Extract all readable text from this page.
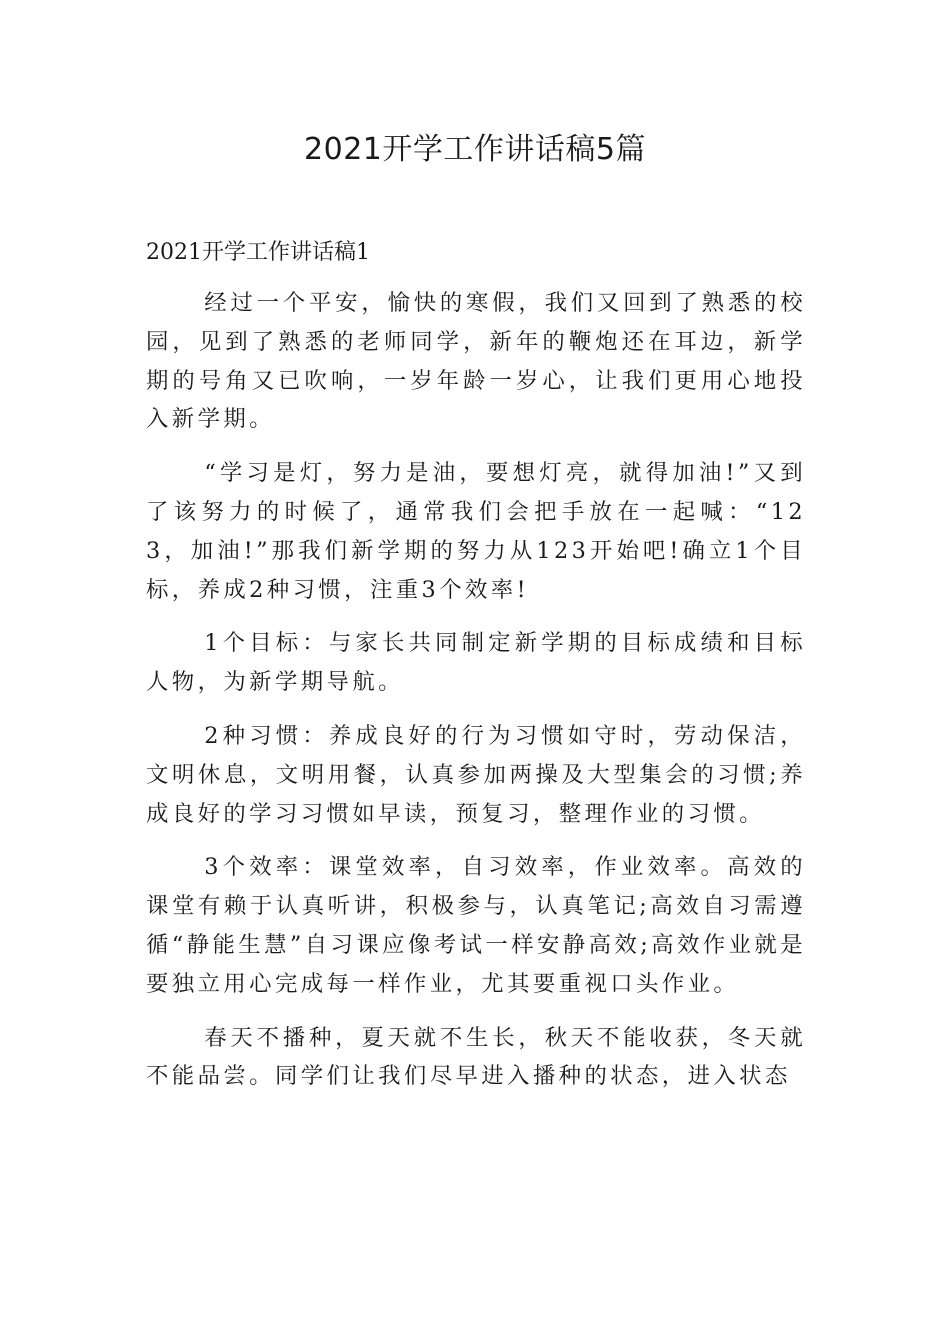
2021开学工作讲话稿5篇
2021开学工作讲话稿1

经过一个平安，愉快的寒假，我们又回到了熟悉的校园，见到了熟悉的老师同学，新年的鞭炮还在耳边，新学期的号角又已吹响，一岁年龄一岁心，让我们更用心地投入新学期。

“学习是灯，努力是油，要想灯亮，就得加油!”又到了该努力的时候了，通常我们会把手放在一起喊：“123，加油!”那我们新学期的努力从123开始吧!确立1个目标，养成2种习惯，注重3个效率!

1个目标：与家长共同制定新学期的目标成绩和目标人物，为新学期导航。

2种习惯：养成良好的行为习惯如守时，劳动保洁，文明休息，文明用餐，认真参加两操及大型集会的习惯;养成良好的学习习惯如早读，预复习，整理作业的习惯。

3个效率：课堂效率，自习效率，作业效率。高效的课堂有赖于认真听讲，积极参与，认真笔记;高效自习需遵循“静能生慧”自习课应像考试一样安静高效;高效作业就是要独立用心完成每一样作业，尤其要重视口头作业。

春天不播种，夏天就不生长，秋天不能收获，冬天就不能品尝。同学们让我们尽早进入播种的状态，进入状态
